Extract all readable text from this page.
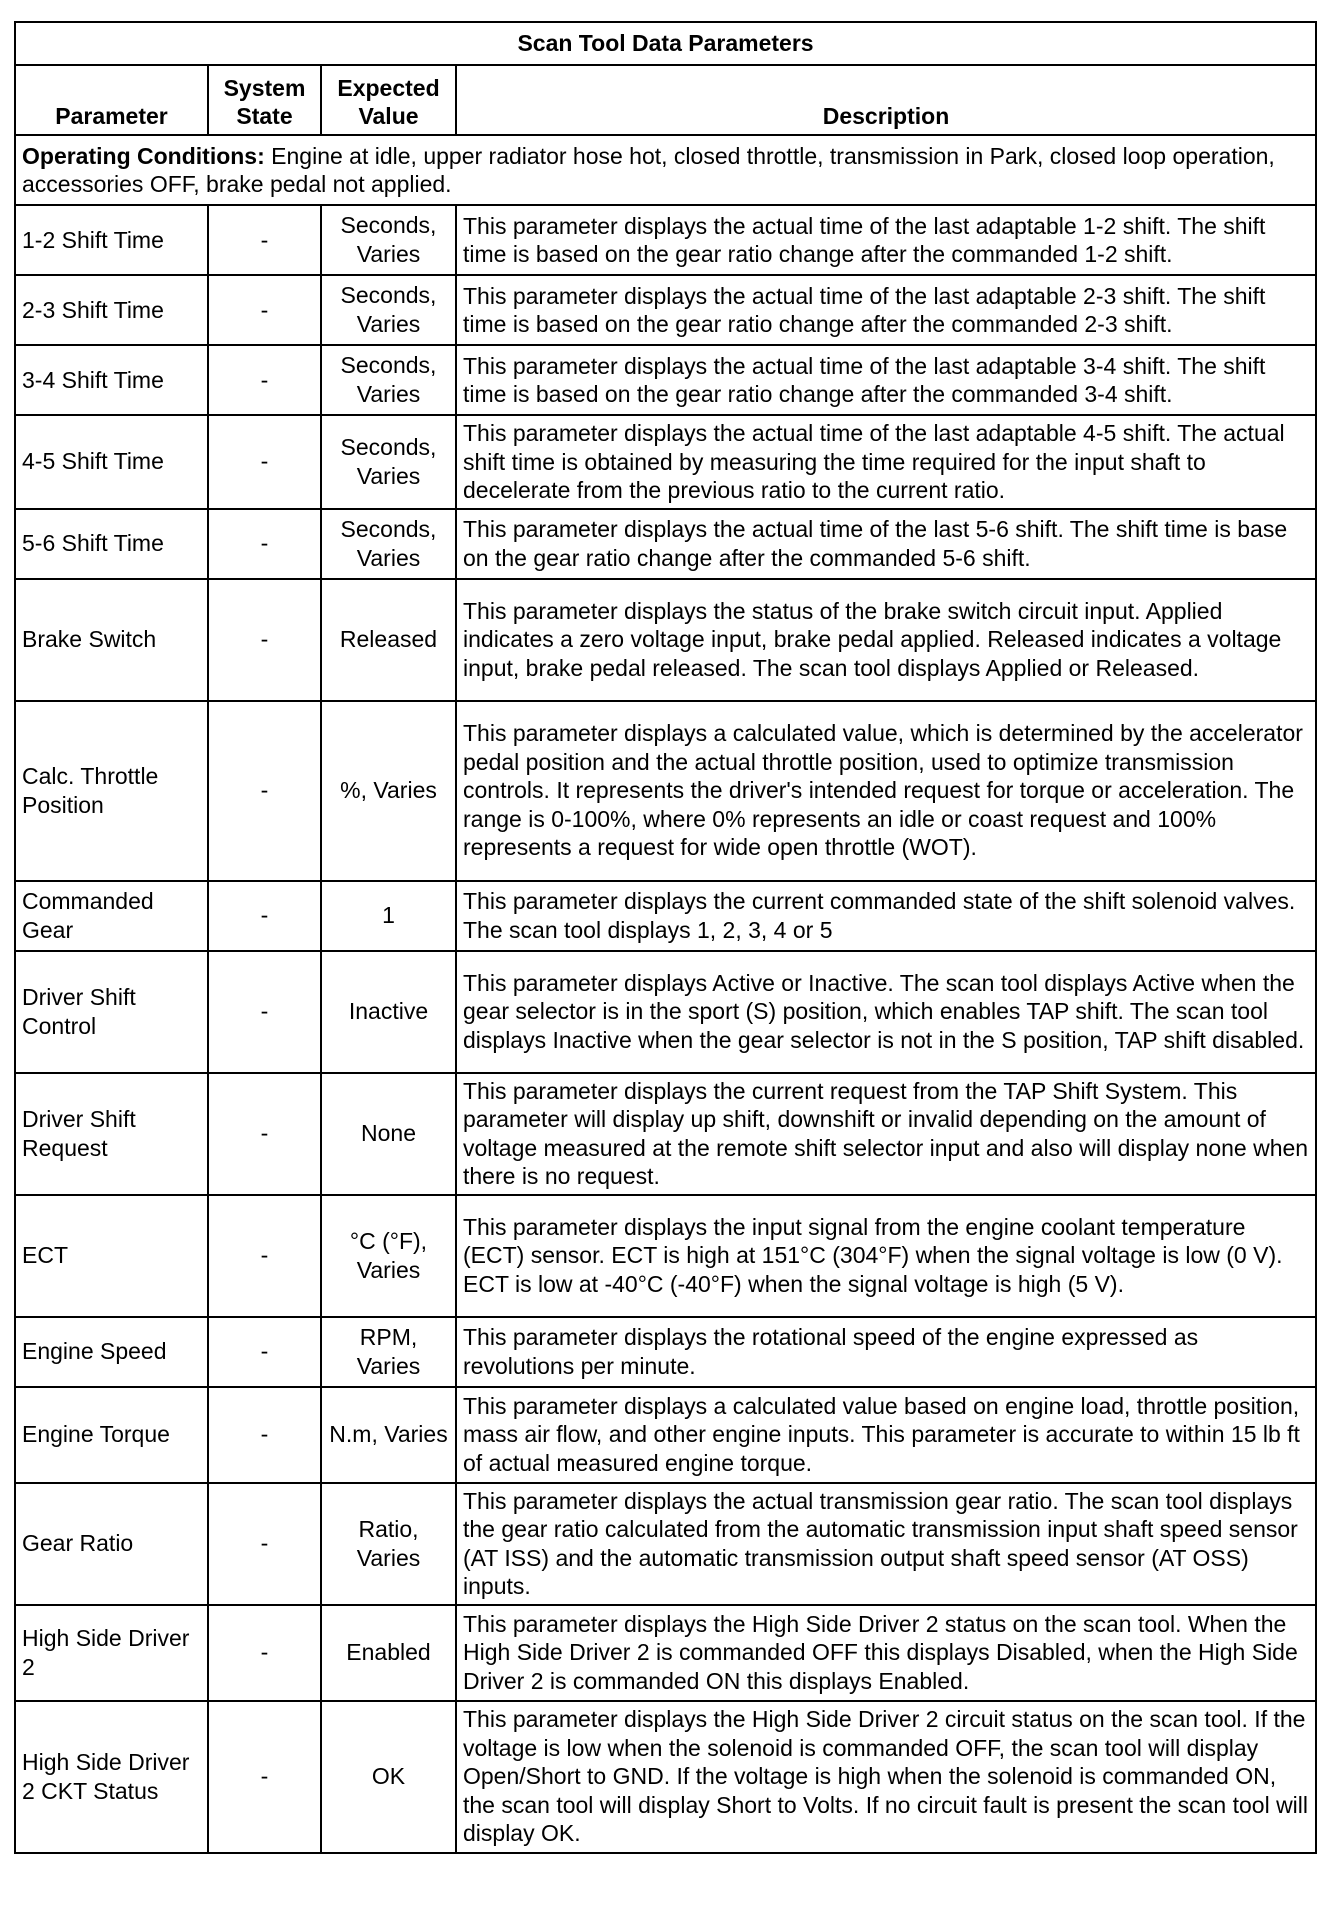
Scan Tool Data Parameters			
Parameter	System State	Expected Value	Description
Operating Conditions: Engine at idle, upper radiator hose hot, closed throttle, transmission in Park, closed loop operation, accessories OFF, brake pedal not applied.			
1-2 Shift Time	-	Seconds, Varies	This parameter displays the actual time of the last adaptable 1-2 shift. The shift time is based on the gear ratio change after the commanded 1-2 shift.
2-3 Shift Time	-	Seconds, Varies	This parameter displays the actual time of the last adaptable 2-3 shift. The shift time is based on the gear ratio change after the commanded 2-3 shift.
3-4 Shift Time	-	Seconds, Varies	This parameter displays the actual time of the last adaptable 3-4 shift. The shift time is based on the gear ratio change after the commanded 3-4 shift.
4-5 Shift Time	-	Seconds, Varies	This parameter displays the actual time of the last adaptable 4-5 shift. The actual shift time is obtained by measuring the time required for the input shaft to decelerate from the previous ratio to the current ratio.
5-6 Shift Time	-	Seconds, Varies	This parameter displays the actual time of the last 5-6 shift. The shift time is base on the gear ratio change after the commanded 5-6 shift.
Brake Switch	-	Released	This parameter displays the status of the brake switch circuit input. Applied indicates a zero voltage input, brake pedal applied. Released indicates a voltage input, brake pedal released. The scan tool displays Applied or Released.
Calc. Throttle Position	-	%, Varies	This parameter displays a calculated value, which is determined by the accelerator pedal position and the actual throttle position, used to optimize transmission controls. It represents the driver's intended request for torque or acceleration. The range is 0-100%, where 0% represents an idle or coast request and 100% represents a request for wide open throttle (WOT).
Commanded Gear	-	1	This parameter displays the current commanded state of the shift solenoid valves. The scan tool displays 1, 2, 3, 4 or 5
Driver Shift Control	-	Inactive	This parameter displays Active or Inactive. The scan tool displays Active when the gear selector is in the sport (S) position, which enables TAP shift. The scan tool displays Inactive when the gear selector is not in the S position, TAP shift disabled.
Driver Shift Request	-	None	This parameter displays the current request from the TAP Shift System. This parameter will display up shift, downshift or invalid depending on the amount of voltage measured at the remote shift selector input and also will display none when there is no request.
ECT	-	°C (°F), Varies	This parameter displays the input signal from the engine coolant temperature (ECT) sensor. ECT is high at 151°C (304°F) when the signal voltage is low (0 V). ECT is low at -40°C (-40°F) when the signal voltage is high (5 V).
Engine Speed	-	RPM, Varies	This parameter displays the rotational speed of the engine expressed as revolutions per minute.
Engine Torque	-	N.m, Varies	This parameter displays a calculated value based on engine load, throttle position, mass air flow, and other engine inputs. This parameter is accurate to within 15 lb ft of actual measured engine torque.
Gear Ratio	-	Ratio, Varies	This parameter displays the actual transmission gear ratio. The scan tool displays the gear ratio calculated from the automatic transmission input shaft speed sensor (AT ISS) and the automatic transmission output shaft speed sensor (AT OSS) inputs.
High Side Driver 2	-	Enabled	This parameter displays the High Side Driver 2 status on the scan tool. When the High Side Driver 2 is commanded OFF this displays Disabled, when the High Side Driver 2 is commanded ON this displays Enabled.
High Side Driver 2 CKT Status	-	OK	This parameter displays the High Side Driver 2 circuit status on the scan tool. If the voltage is low when the solenoid is commanded OFF, the scan tool will display Open/Short to GND. If the voltage is high when the solenoid is commanded ON, the scan tool will display Short to Volts. If no circuit fault is present the scan tool will display OK.
